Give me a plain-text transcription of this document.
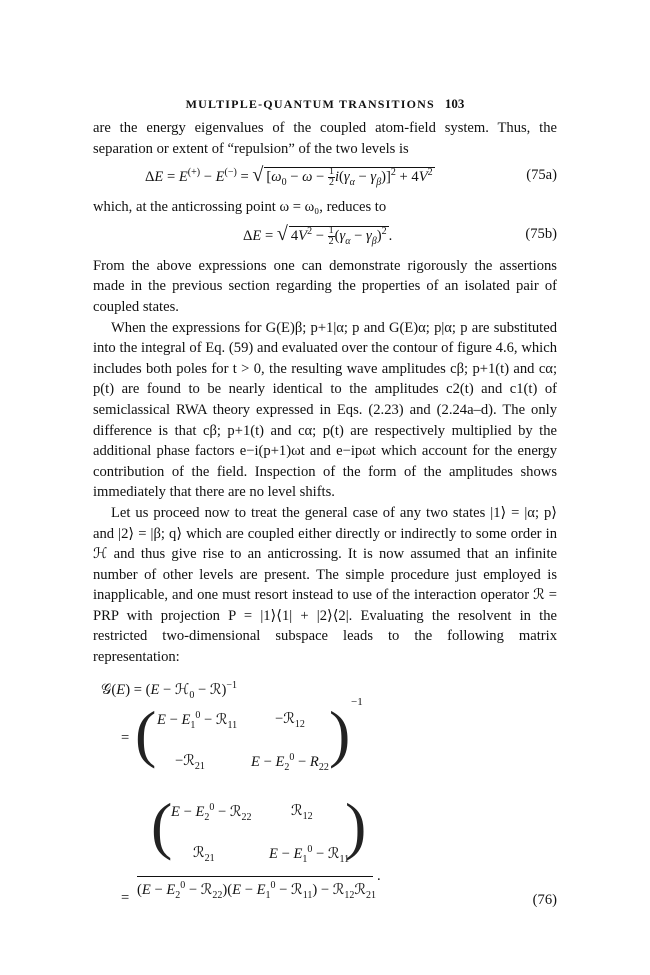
MULTIPLE-QUANTUM TRANSITIONS 103

are the energy eigenvalues of the coupled atom-field system. Thus, the separation or extent of “repulsion” of the two levels is

ΔE = E(+) − E(−) = √ $[\omega_0 - \omega - \frac{1}{2} i(\gamma_\alpha - \gamma_\beta)]^2 + 4V^2$	(75a)

which, at the anticrossing point ω = ω₀, reduces to

ΔE = √ $4V^2 - \frac{1}{2} (\gamma_\alpha - \gamma_\beta)^2$ .	(75b)

From the above expressions one can demonstrate rigorously the assertions made in the previous section regarding the properties of an isolated pair of coupled states.

When the expressions for G(E)β; p+1|α; p and G(E)α; p|α; p are substituted into the integral of Eq. (59) and evaluated over the contour of figure 4.6, which includes both poles for t > 0, the resulting wave amplitudes cβ; p+1(t) and cα; p(t) are found to be nearly identical to the amplitudes c2(t) and c1(t) of semiclassical RWA theory expressed in Eqs. (2.23) and (2.24a–d). The only difference is that cβ; p+1(t) and cα; p(t) are respectively multiplied by the additional phase factors e−i(p+1)ωt and e−ipωt which account for the energy contribution of the field. Inspection of the form of the amplitudes shows immediately that there are no level shifts.

Let us proceed now to treat the general case of any two states |1⟩ = |α; p⟩ and |2⟩ = |β; q⟩ which are coupled either directly or indirectly to some order in ℋ and thus give rise to an anticrossing. It is now assumed that an infinite number of other levels are present. The simple procedure just employed is inapplicable, and one must resort instead to use of the interaction operator ℛ = PRP with projection P = |1⟩⟨1| + |2⟩⟨2|. Evaluating the resolvent in the restricted two-dimensional subspace leads to the following matrix representation:

𝒢(E) = (E − ℋ$_0$ − ℛ)$^{-1}$
= ( $E - E_1^0$ − ℛ$_{11}$	−ℛ$_{12}$
−ℛ$_{21}$	$E - E_2^0 - R_{22}$ ) −1
(
$E - E_2^0$ − ℛ$_{22}$	ℛ$_{12}$
ℛ$_{21}$	$E - E_1^0$ − ℛ$_{11}$
)
=
($E - E_2^0$ − ℛ$_{22}$)(E − $E_1^0$ − ℛ$_{11}$) − ℛ$_{12}$ℛ$_{21}$
.
(76)
